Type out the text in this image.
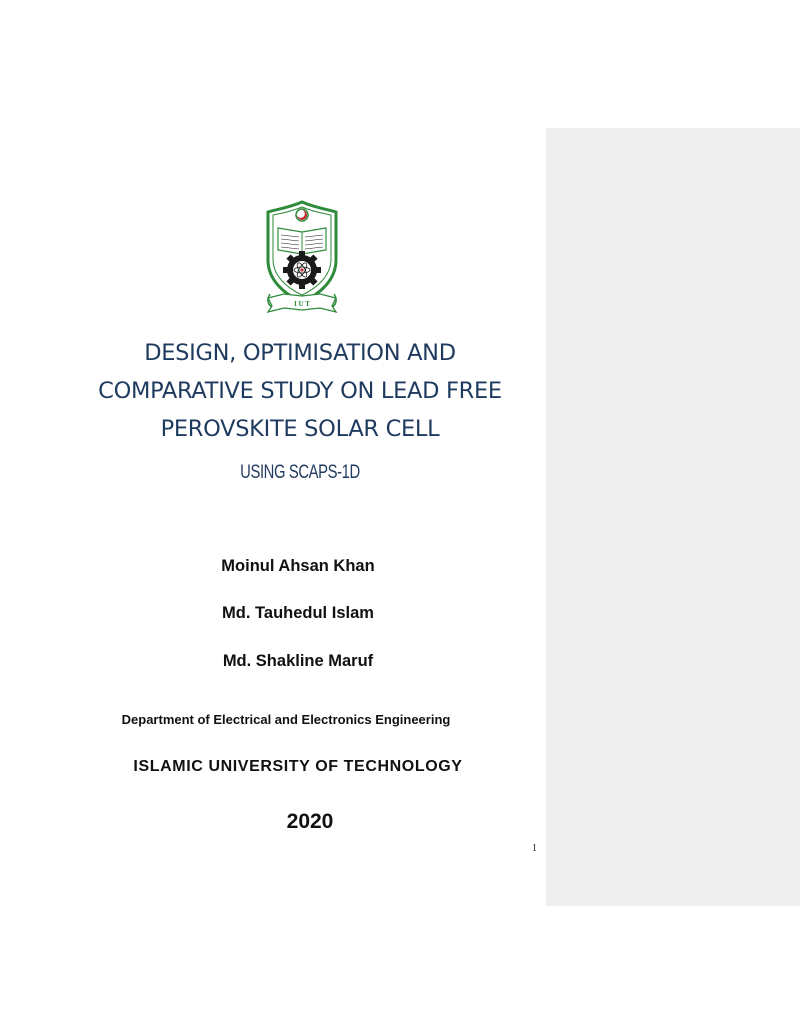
I U T
DESIGN, OPTIMISATION AND
COMPARATIVE STUDY ON LEAD FREE
PEROVSKITE SOLAR CELL
USING SCAPS-1D
Moinul Ahsan Khan
Md. Tauhedul Islam
Md. Shakline Maruf
Department of Electrical and Electronics Engineering
ISLAMIC UNIVERSITY OF TECHNOLOGY
2020
1
